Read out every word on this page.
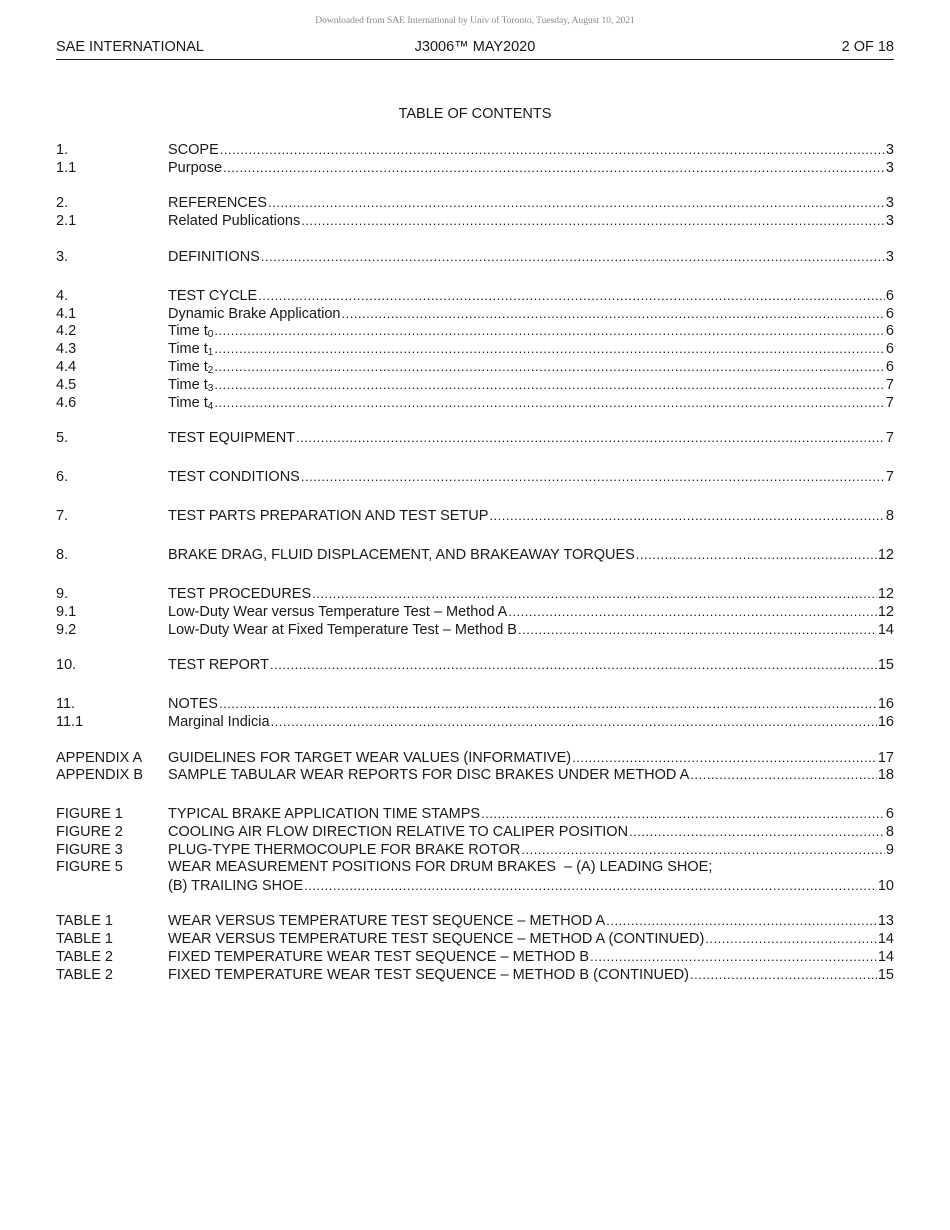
Downloaded from SAE International by Univ of Toronto, Tuesday, August 10, 2021
SAE INTERNATIONAL	J3006™ MAY2020	2 OF 18
TABLE OF CONTENTS
1.	SCOPE .....	3
1.1	Purpose .....	3
2.	REFERENCES .....	3
2.1	Related Publications .....	3
3.	DEFINITIONS .....	3
4.	TEST CYCLE .....	6
4.1	Dynamic Brake Application .....	6
4.2	Time $t_0$ .....	6
4.3	Time $t_1$ .....	6
4.4	Time $t_2$ .....	6
4.5	Time $t_3$ .....	7
4.6	Time $t_4$ .....	7
5.	TEST EQUIPMENT .....	7
6.	TEST CONDITIONS .....	7
7.	TEST PARTS PREPARATION AND TEST SETUP .....	8
8.	BRAKE DRAG, FLUID DISPLACEMENT, AND BRAKEAWAY TORQUES .....	12
9.	TEST PROCEDURES .....	12
9.1	Low-Duty Wear versus Temperature Test – Method A .....	12
9.2	Low-Duty Wear at Fixed Temperature Test – Method B .....	14
10.	TEST REPORT .....	15
11.	NOTES .....	16
11.1	Marginal Indicia .....	16
APPENDIX A	GUIDELINES FOR TARGET WEAR VALUES (INFORMATIVE) .....	17
APPENDIX B	SAMPLE TABULAR WEAR REPORTS FOR DISC BRAKES UNDER METHOD A .....	18
FIGURE 1	TYPICAL BRAKE APPLICATION TIME STAMPS .....	6
FIGURE 2	COOLING AIR FLOW DIRECTION RELATIVE TO CALIPER POSITION .....	8
FIGURE 3	PLUG-TYPE THERMOCOUPLE FOR BRAKE ROTOR .....	9
FIGURE 5	WEAR MEASUREMENT POSITIONS FOR DRUM BRAKES  – (A) LEADING SHOE;
(B) TRAILING SHOE .....	10
TABLE 1	WEAR VERSUS TEMPERATURE TEST SEQUENCE – METHOD A .....	13
TABLE 1	WEAR VERSUS TEMPERATURE TEST SEQUENCE – METHOD A (CONTINUED) .....	14
TABLE 2	FIXED TEMPERATURE WEAR TEST SEQUENCE – METHOD B .....	14
TABLE 2	FIXED TEMPERATURE WEAR TEST SEQUENCE – METHOD B (CONTINUED) .....	15
